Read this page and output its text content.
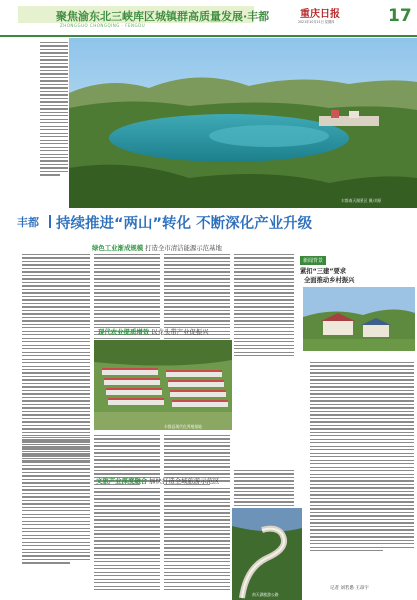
聚焦渝东北三峡库区城镇群高质量发展·丰都
ZHONGGUO CHONGQING · FENGDU
重庆日报
2021年10月21日 星期四	17
丰都南天湖景区 摄/刘原
丰都 持续推进“两山”转化 不断深化产业升级
绿色工业渐成规模 打造全市清洁能源示范基地
现代农业提质增效 以龙头带产业促振兴
丰都县现代化养殖基地
新闻背景
紧扣“三建”要求
全面推动乡村振兴
文旅产业深度融合 加快打造全域旅游示范区
南天湖旅游公路
记者 刘若愚 王昂宇
